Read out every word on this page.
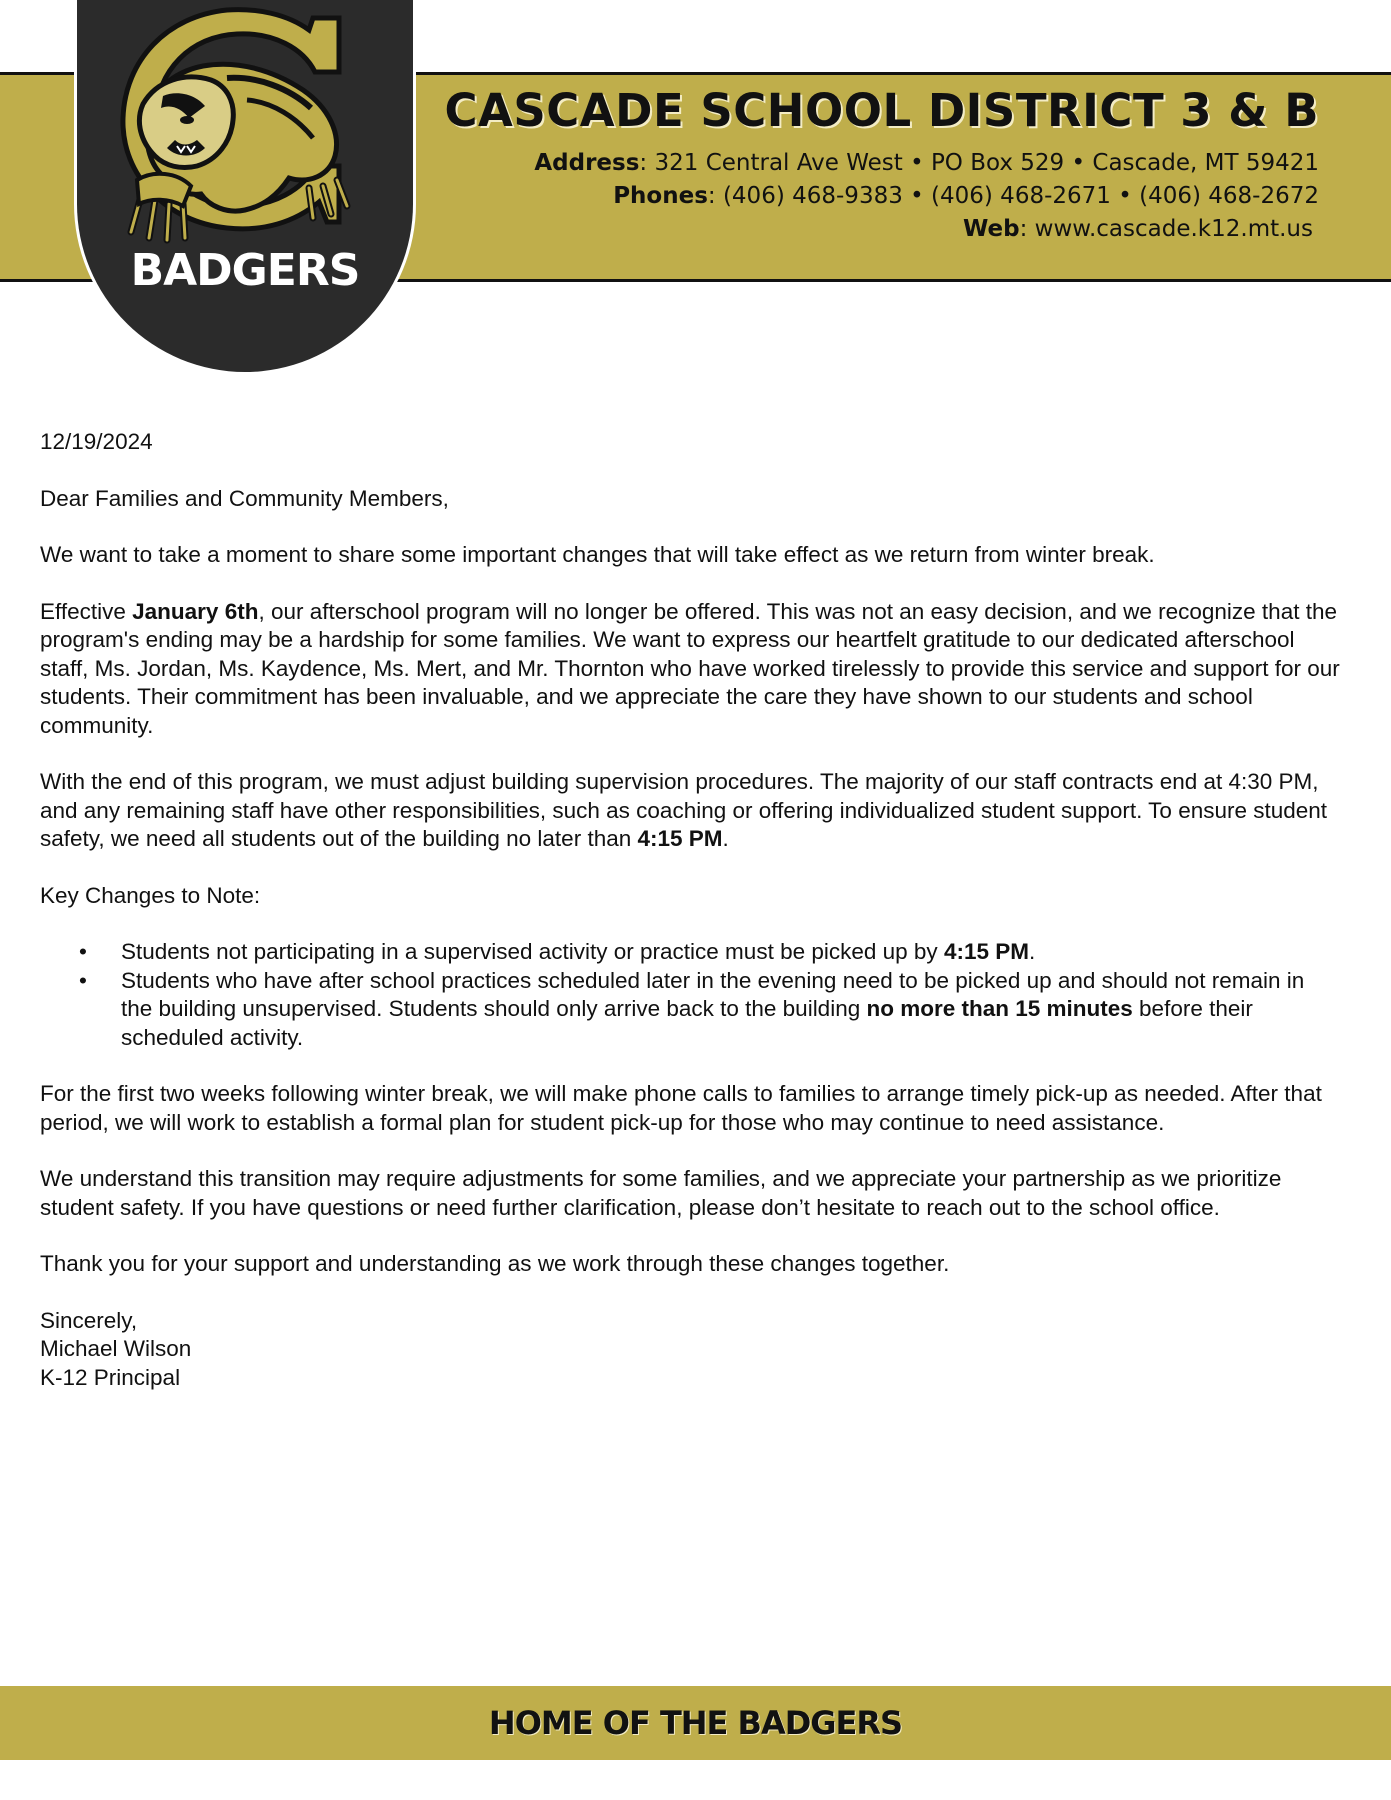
BADGERS
CASCADE SCHOOL DISTRICT 3 & B
Address: 321 Central Ave West • PO Box 529 • Cascade, MT 59421
Phones: (406) 468-9383 • (406) 468-2671 • (406) 468-2672
Web: www.cascade.k12.mt.us

12/19/2024

Dear Families and Community Members,

We want to take a moment to share some important changes that will take effect as we return from winter break.

Effective January 6th, our afterschool program will no longer be offered. This was not an easy decision, and we recognize that the program's ending may be a hardship for some families. We want to express our heartfelt gratitude to our dedicated afterschool staff, Ms. Jordan, Ms. Kaydence, Ms. Mert, and Mr. Thornton who have worked tirelessly to provide this service and support for our students. Their commitment has been invaluable, and we appreciate the care they have shown to our students and school community.

With the end of this program, we must adjust building supervision procedures. The majority of our staff contracts end at 4:30 PM, and any remaining staff have other responsibilities, such as coaching or offering individualized student support. To ensure student safety, we need all students out of the building no later than 4:15 PM.

Key Changes to Note:

• Students not participating in a supervised activity or practice must be picked up by 4:15 PM.
• Students who have after school practices scheduled later in the evening need to be picked up and should not remain in the building unsupervised. Students should only arrive back to the building no more than 15 minutes before their scheduled activity.

For the first two weeks following winter break, we will make phone calls to families to arrange timely pick-up as needed. After that period, we will work to establish a formal plan for student pick-up for those who may continue to need assistance.

We understand this transition may require adjustments for some families, and we appreciate your partnership as we prioritize student safety. If you have questions or need further clarification, please don’t hesitate to reach out to the school office.

Thank you for your support and understanding as we work through these changes together.

Sincerely,

Michael Wilson

K-12 Principal

HOME OF THE BADGERS
